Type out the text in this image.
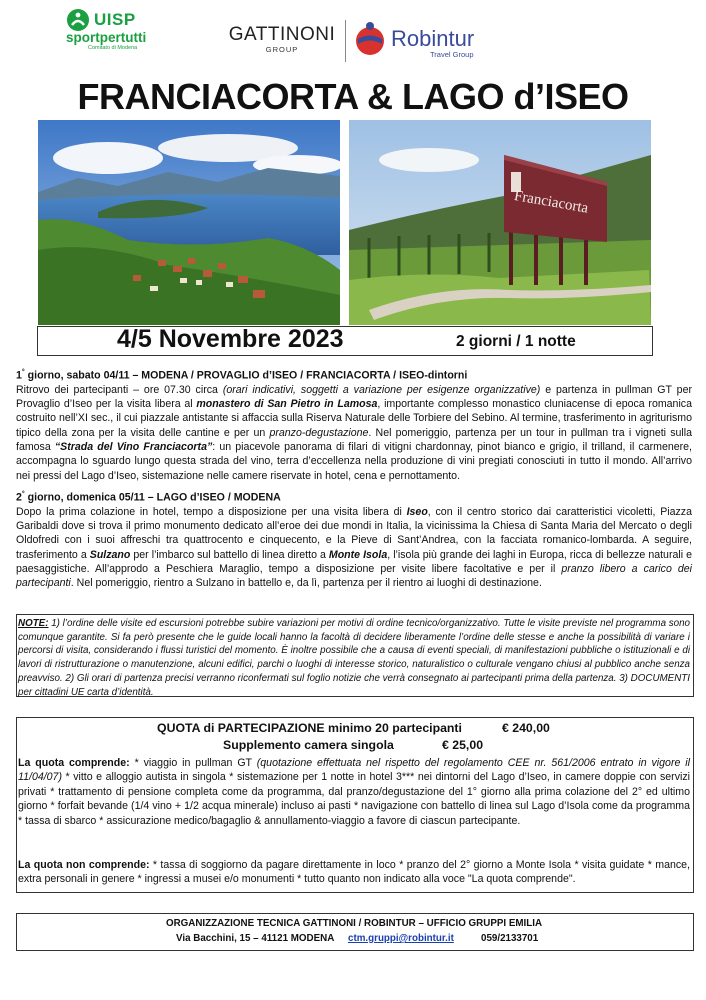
UISP
sportpertutti
Comitato di Modena
GATTINONI
GROUP	Robintur
Travel Group
FRANCIACORTA & LAGO d’ISEO
Franciacorta
4/5 Novembre 2023	2 giorni / 1 notte
1° giorno, sabato 04/11 – MODENA / PROVAGLIO d’ISEO / FRANCIACORTA / ISEO-dintorni
Ritrovo dei partecipanti – ore 07.30 circa (orari indicativi, soggetti a variazione per esigenze organizzative) e partenza in pullman GT per Provaglio d’Iseo per la visita libera al monastero di San Pietro in Lamosa, importante complesso monastico cluniacense di epoca romanica costruito nell’XI sec., il cui piazzale antistante si affaccia sulla Riserva Naturale delle Torbiere del Sebino. Al termine, trasferimento in agriturismo tipico della zona per la visita delle cantine e per un pranzo-degustazione. Nel pomeriggio, partenza per un tour in pullman tra i vigneti sulla famosa “Strada del Vino Franciacorta”: un piacevole panorama di filari di vitigni chardonnay, pinot bianco e grigio, il trilland, il carmenere, accompagna lo sguardo lungo questa strada del vino, terra d’eccellenza nella produzione di vini pregiati conosciuti in tutto il mondo. All’arrivo nei pressi del Lago d’Iseo, sistemazione nelle camere riservate in hotel, cena e pernottamento.
2° giorno, domenica 05/11 – LAGO d’ISEO / MODENA
Dopo la prima colazione in hotel, tempo a disposizione per una visita libera di Iseo, con il centro storico dai caratteristici vicoletti, Piazza Garibaldi dove si trova il primo monumento dedicato all’eroe dei due mondi in Italia, la vicinissima la Chiesa di Santa Maria del Mercato o degli Oldofredi con i suoi affreschi tra quattrocento e cinquecento, e la Pieve di Sant’Andrea, con la facciata romanico-lombarda. A seguire, trasferimento a Sulzano per l’imbarco sul battello di linea diretto a Monte Isola, l’isola più grande dei laghi in Europa, ricca di bellezze naturali e paesaggistiche. All’approdo a Peschiera Maraglio, tempo a disposizione per visite libere facoltative e per il pranzo libero a carico dei partecipanti. Nel pomeriggio, rientro a Sulzano in battello e, da lì, partenza per il rientro ai luoghi di destinazione.
NOTE: 1) l’ordine delle visite ed escursioni potrebbe subire variazioni per motivi di ordine tecnico/organizzativo. Tutte le visite previste nel programma sono comunque garantite. Si fa però presente che le guide locali hanno la facoltà di decidere liberamente l’ordine delle stesse e anche la possibilità di variare i percorsi di visita, considerando i flussi turistici del momento. È inoltre possibile che a causa di eventi speciali, di manifestazioni pubbliche o istituzionali e di lavori di ristrutturazione o manutenzione, alcuni edifici, parchi o luoghi di interesse storico, naturalistico o culturale vengano chiusi al pubblico anche senza preavviso. 2) Gli orari di partenza precisi verranno riconfermati sul foglio notizie che verrà consegnato ai partecipanti prima della partenza. 3) DOCUMENTI per cittadini UE carta d’identità.
QUOTA di PARTECIPAZIONE minimo 20 partecipanti	€ 240,00
Supplemento camera singola	€ 25,00
La quota comprende: * viaggio in pullman GT (quotazione effettuata nel rispetto del regolamento CEE nr. 561/2006 entrato in vigore il 11/04/07) * vitto e alloggio autista in singola * sistemazione per 1 notte in hotel 3*** nei dintorni del Lago d’Iseo, in camere doppie con servizi privati * trattamento di pensione completa come da programma, dal pranzo/degustazione del 1° giorno alla prima colazione del 2° ed ultimo giorno * forfait bevande (1/4 vino + 1/2 acqua minerale) incluso ai pasti * navigazione con battello di linea sul Lago d’Isola come da programma * tassa di sbarco * assicurazione medico/bagaglio & annullamento-viaggio a favore di ciascun partecipante.
La quota non comprende: * tassa di soggiorno da pagare direttamente in loco * pranzo del 2° giorno a Monte Isola * visita guidate * mance, extra personali in genere * ingressi a musei e/o monumenti * tutto quanto non indicato alla voce "La quota comprende".
ORGANIZZAZIONE TECNICA GATTINONI / ROBINTUR – UFFICIO GRUPPI EMILIA
Via Bacchini, 15 – 41121 MODENA ctm.gruppi@robintur.it	059/2133701
